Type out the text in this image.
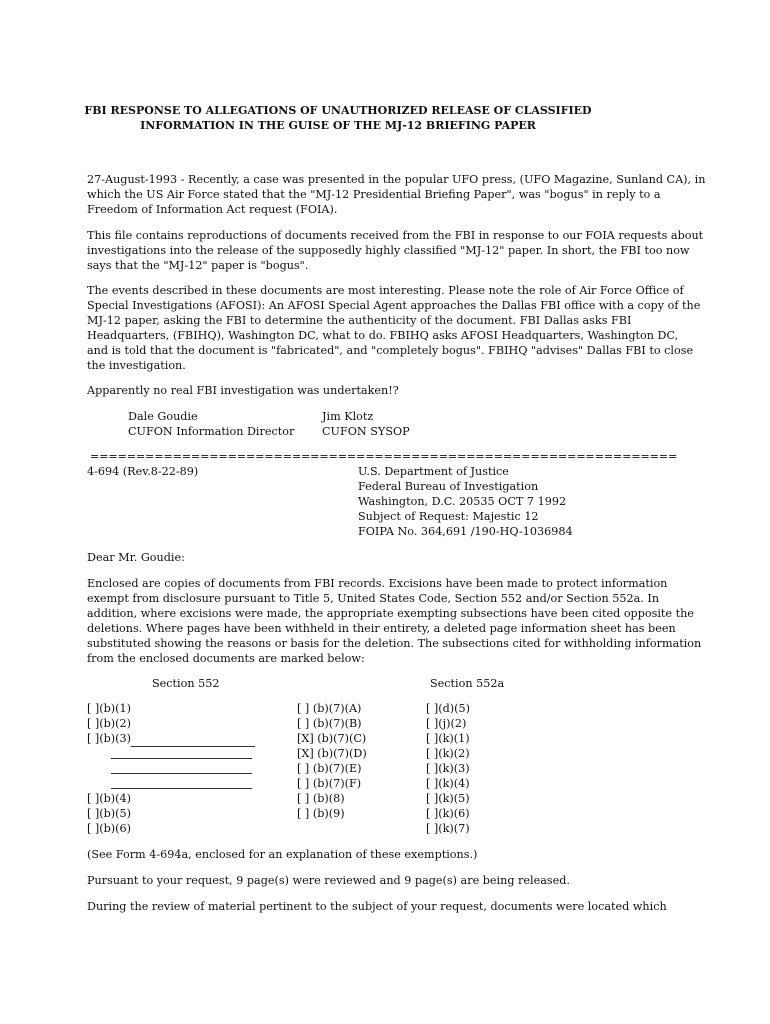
FBI RESPONSE TO ALLEGATIONS OF UNAUTHORIZED RELEASE OF CLASSIFIED
INFORMATION IN THE GUISE OF THE MJ-12 BRIEFING PAPER
27-August-1993 - Recently, a case was presented in the popular UFO press, (UFO Magazine, Sunland CA), in
which the US Air Force stated that the "MJ-12 Presidential Briefing Paper", was "bogus" in reply to a
Freedom of Information Act request (FOIA).
This file contains reproductions of documents received from the FBI in response to our FOIA requests about
investigations into the release of the supposedly highly classified "MJ-12" paper. In short, the FBI too now
says that the "MJ-12" paper is "bogus".
The events described in these documents are most interesting. Please note the role of Air Force Office of
Special Investigations (AFOSI): An AFOSI Special Agent approaches the Dallas FBI office with a copy of the
MJ-12 paper, asking the FBI to determine the authenticity of the document. FBI Dallas asks FBI
Headquarters, (FBIHQ), Washington DC, what to do. FBIHQ asks AFOSI Headquarters, Washington DC,
and is told that the document is "fabricated", and "completely bogus". FBIHQ "advises" Dallas FBI to close
the investigation.
Apparently no real FBI investigation was undertaken!?
Dale Goudie
CUFON Information Director
Jim Klotz
CUFON SYSOP
================================================================
4-694 (Rev.8-22-89)	U.S. Department of Justice
Federal Bureau of Investigation
Washington, D.C. 20535 OCT 7 1992
Subject of Request: Majestic 12
FOIPA No. 364,691 /190-HQ-1036984
Dear Mr. Goudie:
Enclosed are copies of documents from FBI records. Excisions have been made to protect information
exempt from disclosure pursuant to Title 5, United States Code, Section 552 and/or Section 552a. In
addition, where excisions were made, the appropriate exempting subsections have been cited opposite the
deletions. Where pages have been withheld in their entirety, a deleted page information sheet has been
substituted showing the reasons or basis for the deletion. The subsections cited for withholding information
from the enclosed documents are marked below:
Section 552	Section 552a
[ ](b)(1)
[ ](b)(2)
[ ](b)(3)
[ ](b)(4)
[ ](b)(5)
[ ](b)(6)
[ ] (b)(7)(A)
[ ] (b)(7)(B)
[X] (b)(7)(C)
[X] (b)(7)(D)
[ ] (b)(7)(E)
[ ] (b)(7)(F)
[ ] (b)(8)
[ ] (b)(9)
[ ](d)(5)
[ ](j)(2)
[ ](k)(1)
[ ](k)(2)
[ ](k)(3)
[ ](k)(4)
[ ](k)(5)
[ ](k)(6)
[ ](k)(7)
(See Form 4-694a, enclosed for an explanation of these exemptions.)
Pursuant to your request, 9 page(s) were reviewed and 9 page(s) are being released.
During the review of material pertinent to the subject of your request, documents were located which
